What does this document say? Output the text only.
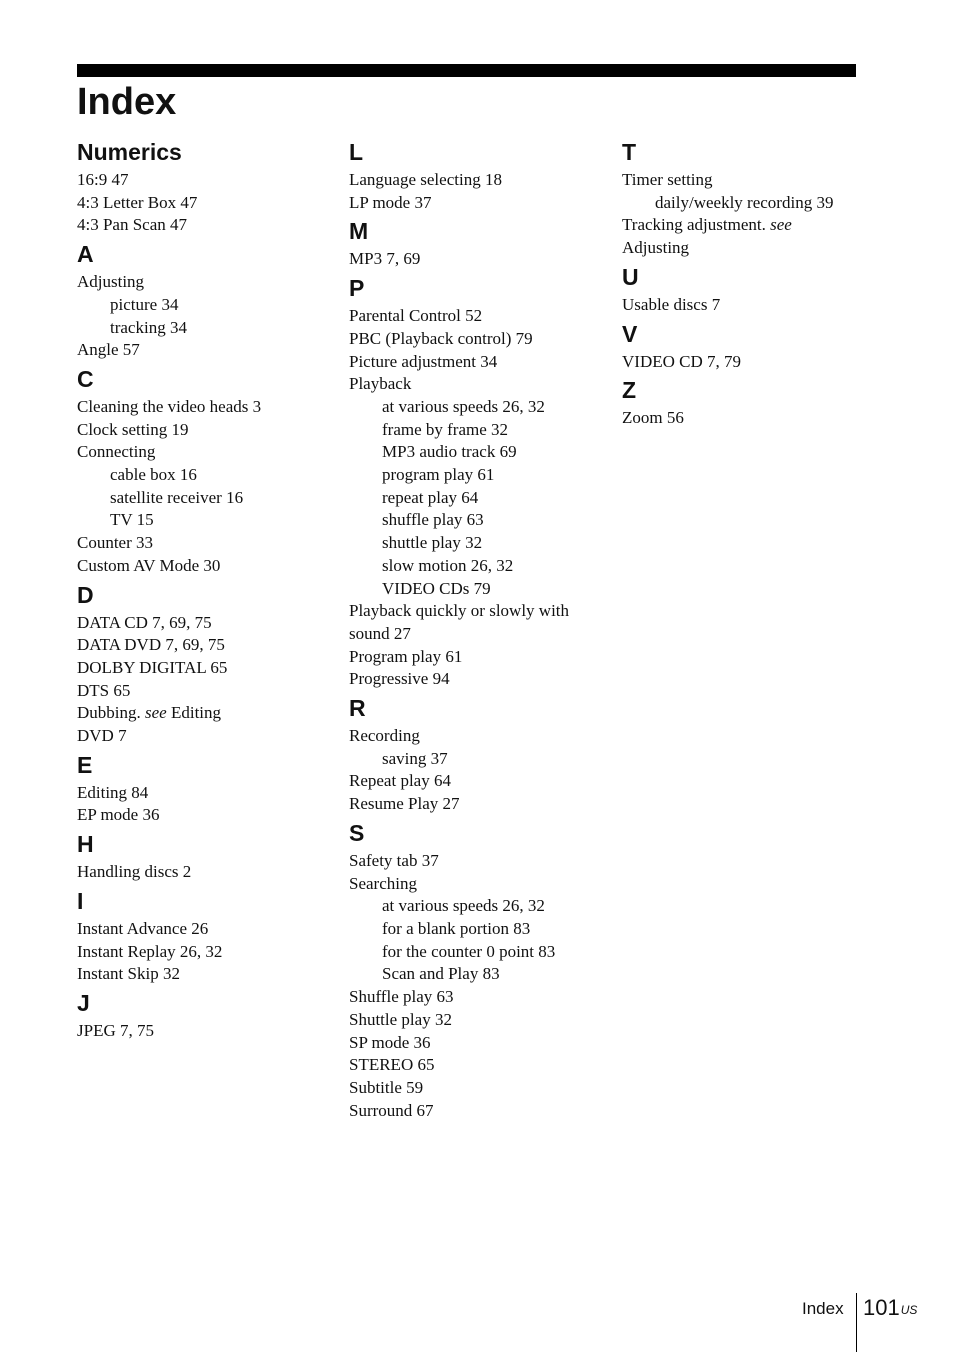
Index
Numerics
16:9 47
4:3 Letter Box 47
4:3 Pan Scan 47
A
Adjusting
picture 34
tracking 34
Angle 57
C
Cleaning the video heads 3
Clock setting 19
Connecting
cable box 16
satellite receiver 16
TV 15
Counter 33
Custom AV Mode 30
D
DATA CD 7, 69, 75
DATA DVD 7, 69, 75
DOLBY DIGITAL 65
DTS 65
Dubbing. see Editing
DVD 7
E
Editing 84
EP mode 36
H
Handling discs 2
I
Instant Advance 26
Instant Replay 26, 32
Instant Skip 32
J
JPEG 7, 75
L
Language selecting 18
LP mode 37
M
MP3 7, 69
P
Parental Control 52
PBC (Playback control) 79
Picture adjustment 34
Playback
at various speeds 26, 32
frame by frame 32
MP3 audio track 69
program play 61
repeat play 64
shuffle play 63
shuttle play 32
slow motion 26, 32
VIDEO CDs 79
Playback quickly or slowly with sound 27
Program play 61
Progressive 94
R
Recording
saving 37
Repeat play 64
Resume Play 27
S
Safety tab 37
Searching
at various speeds 26, 32
for a blank portion 83
for the counter 0 point 83
Scan and Play 83
Shuffle play 63
Shuttle play 32
SP mode 36
STEREO 65
Subtitle 59
Surround 67
T
Timer setting
daily/weekly recording 39
Tracking adjustment. see Adjusting
U
Usable discs 7
V
VIDEO CD 7, 79
Z
Zoom 56
Index $101^{US}$
